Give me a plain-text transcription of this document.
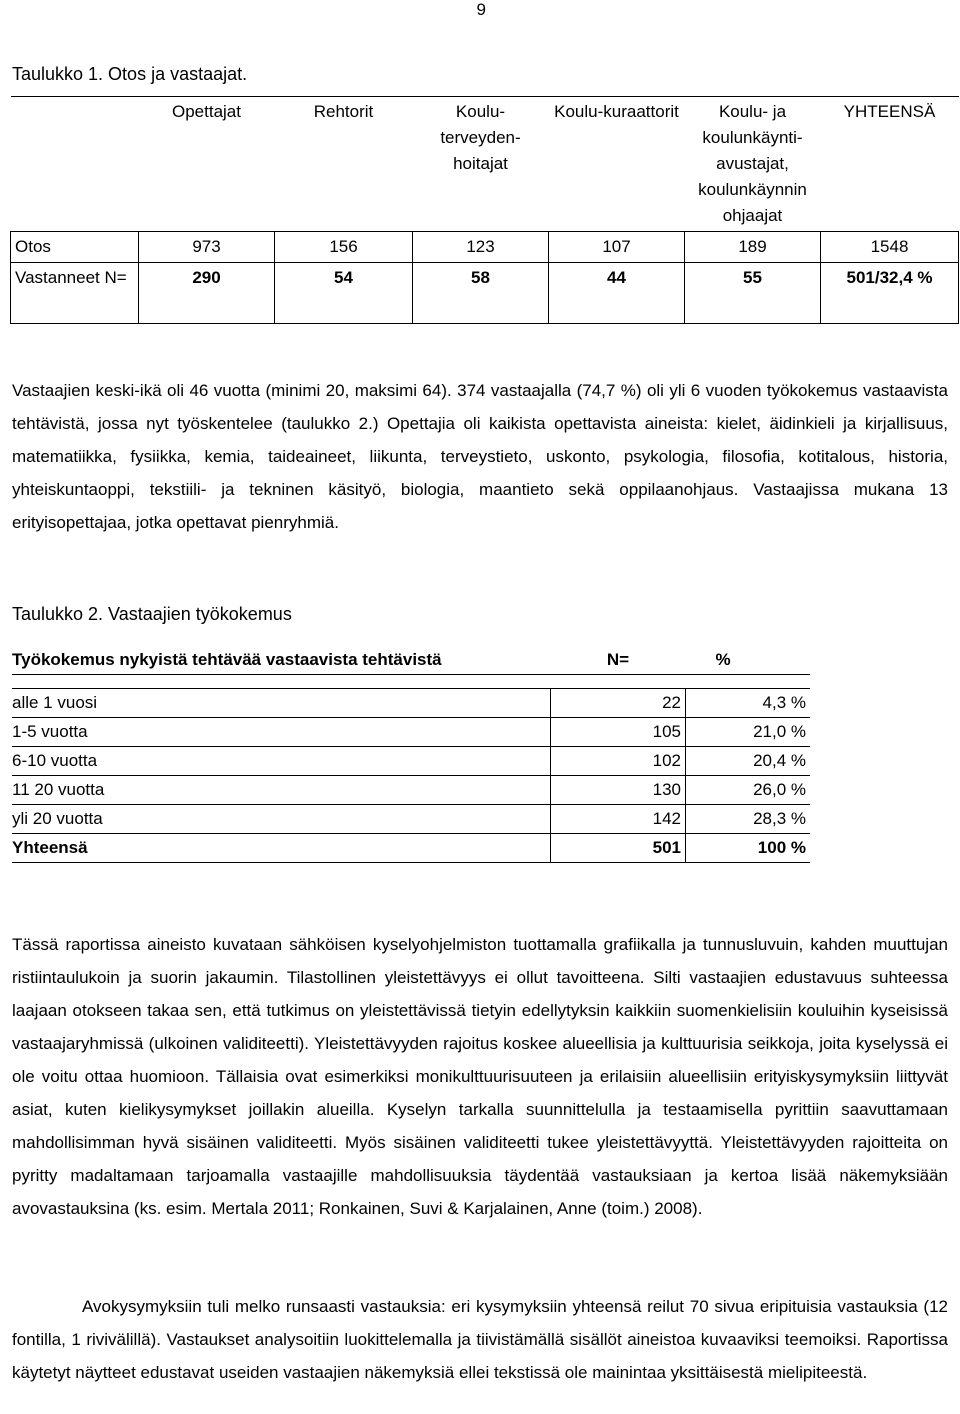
9
Taulukko 1. Otos ja vastaajat.
	Opettajat	Rehtorit	Koulu-terveyden-hoitajat	Koulu-kuraattorit	Koulu- ja koulunkäynti-avustajat, koulunkäynnin ohjaajat	YHTEENSÄ
Otos	973	156	123	107	189	1548
Vastanneet N=	290	54	58	44	55	501/32,4 %
Vastaajien keski-ikä oli 46 vuotta (minimi 20, maksimi 64). 374 vastaajalla (74,7 %) oli yli 6 vuoden työkokemus vastaavista tehtävistä, jossa nyt työskentelee (taulukko 2.) Opettajia oli kaikista opettavista aineista: kielet, äidinkieli ja kirjallisuus, matematiikka, fysiikka, kemia, taideaineet, liikunta, terveystieto, uskonto, psykologia, filosofia, kotitalous, historia, yhteiskuntaoppi, tekstiili- ja tekninen käsityö, biologia, maantieto sekä oppilaanohjaus. Vastaajissa mukana 13 erityisopettajaa, jotka opettavat pienryhmiä.
Taulukko 2. Vastaajien työkokemus
Työkokemus nykyistä tehtävää vastaavista tehtävistä	N=	%

alle 1 vuosi	22	4,3 %
1-5 vuotta	105	21,0 %
6-10 vuotta	102	20,4 %
11 20 vuotta	130	26,0 %
yli 20 vuotta	142	28,3 %
Yhteensä	501	100 %
Tässä raportissa aineisto kuvataan sähköisen kyselyohjelmiston tuottamalla grafiikalla ja tunnusluvuin, kahden muuttujan ristiintaulukoin ja suorin jakaumin. Tilastollinen yleistettävyys ei ollut tavoitteena. Silti vastaajien edustavuus suhteessa laajaan otokseen takaa sen, että tutkimus on yleistettävissä tietyin edellytyksin kaikkiin suomenkielisiin kouluihin kyseisissä vastaajaryhmissä (ulkoinen validiteetti). Yleistettävyyden rajoitus koskee alueellisia ja kulttuurisia seikkoja, joita kyselyssä ei ole voitu ottaa huomioon. Tällaisia ovat esimerkiksi monikulttuurisuuteen ja erilaisiin alueellisiin erityiskysymyksiin liittyvät asiat, kuten kielikysymykset joillakin alueilla. Kyselyn tarkalla suunnittelulla ja testaamisella pyrittiin saavuttamaan mahdollisimman hyvä sisäinen validiteetti. Myös sisäinen validiteetti tukee yleistettävyyttä. Yleistettävyyden rajoitteita on pyritty madaltamaan tarjoamalla vastaajille mahdollisuuksia täydentää vastauksiaan ja kertoa lisää näkemyksiään avovastauksina (ks. esim. Mertala 2011; Ronkainen, Suvi & Karjalainen, Anne (toim.) 2008).
Avokysymyksiin tuli melko runsaasti vastauksia: eri kysymyksiin yhteensä reilut 70 sivua eripituisia vastauksia (12 fontilla, 1 rivivälillä). Vastaukset analysoitiin luokittelemalla ja tiivistämällä sisällöt aineistoa kuvaaviksi teemoiksi. Raportissa käytetyt näytteet edustavat useiden vastaajien näkemyksiä ellei tekstissä ole mainintaa yksittäisestä mielipiteestä.
